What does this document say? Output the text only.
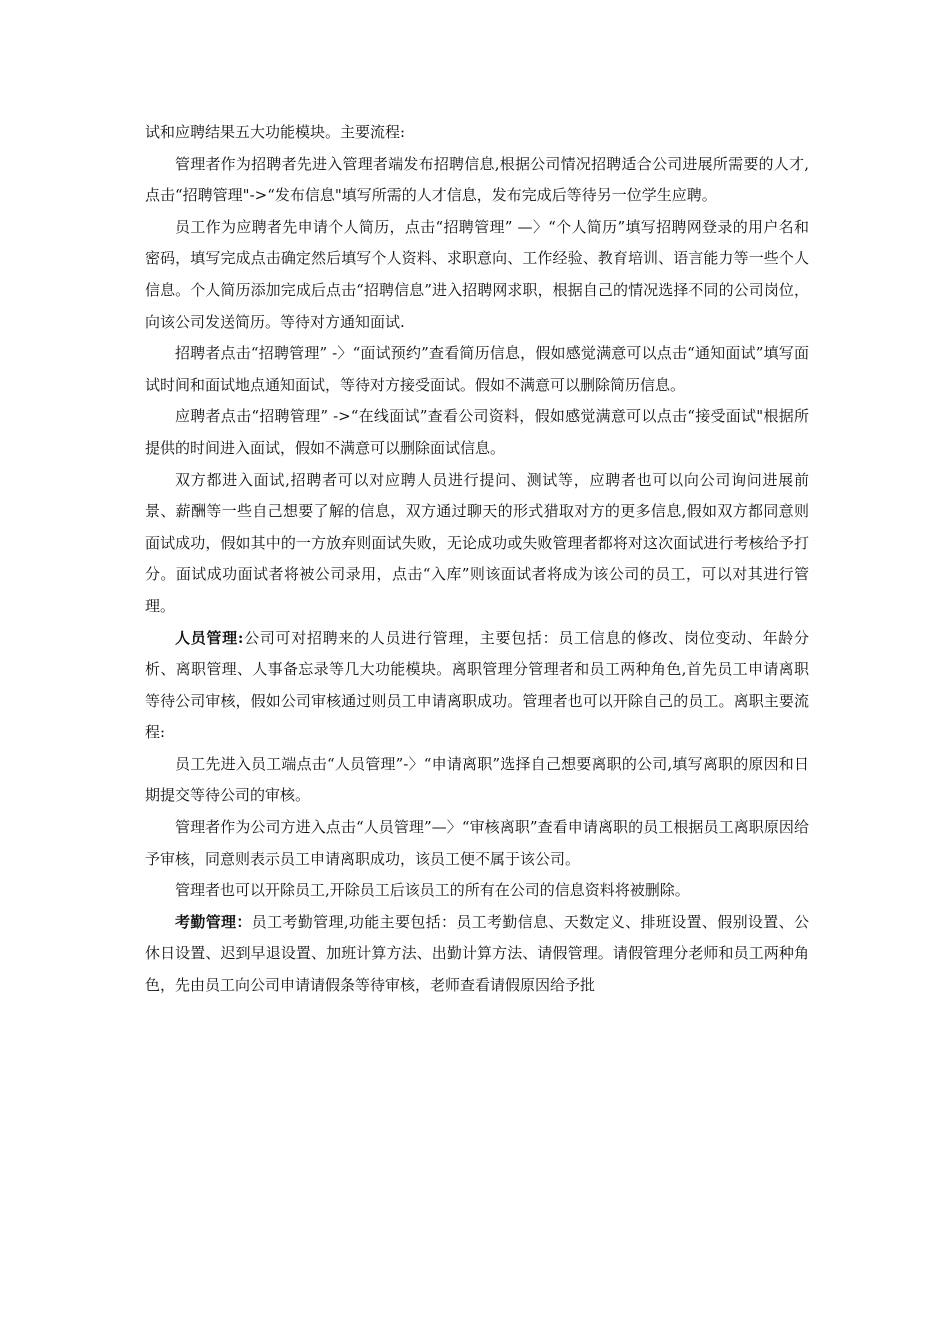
试和应聘结果五大功能模块。主要流程:

管理者作为招聘者先进入管理者端发布招聘信息,根据公司情况招聘适合公司进展所需要的人才,点击“招聘管理"->“发布信息"填写所需的人才信息，发布完成后等待另一位学生应聘。

员工作为应聘者先申请个人简历，点击“招聘管理” —〉“个人简历”填写招聘网登录的用户名和密码，填写完成点击确定然后填写个人资料、求职意向、工作经验、教育培训、语言能力等一些个人信息。个人简历添加完成后点击“招聘信息”进入招聘网求职，根据自己的情况选择不同的公司岗位，向该公司发送简历。等待对方通知面试.

招聘者点击“招聘管理” -〉“面试预约”查看简历信息，假如感觉满意可以点击“通知面试”填写面试时间和面试地点通知面试，等待对方接受面试。假如不满意可以删除简历信息。

应聘者点击“招聘管理” ->“在线面试”查看公司资料，假如感觉满意可以点击“接受面试"根据所提供的时间进入面试，假如不满意可以删除面试信息。

双方都进入面试,招聘者可以对应聘人员进行提问、测试等，应聘者也可以向公司询问进展前景、薪酬等一些自己想要了解的信息，双方通过聊天的形式猎取对方的更多信息,假如双方都同意则面试成功，假如其中的一方放弃则面试失败，无论成功或失败管理者都将对这次面试进行考核给予打分。面试成功面试者将被公司录用，点击“入库”则该面试者将成为该公司的员工，可以对其进行管理。

人员管理:公司可对招聘来的人员进行管理，主要包括：员工信息的修改、岗位变动、年龄分析、离职管理、人事备忘录等几大功能模块。离职管理分管理者和员工两种角色,首先员工申请离职等待公司审核，假如公司审核通过则员工申请离职成功。管理者也可以开除自己的员工。离职主要流程:

员工先进入员工端点击“人员管理”-〉“申请离职”选择自己想要离职的公司,填写离职的原因和日期提交等待公司的审核。

管理者作为公司方进入点击“人员管理”—〉“审核离职”查看申请离职的员工根据员工离职原因给予审核，同意则表示员工申请离职成功，该员工便不属于该公司。

管理者也可以开除员工,开除员工后该员工的所有在公司的信息资料将被删除。

考勤管理：员工考勤管理,功能主要包括：员工考勤信息、天数定义、排班设置、假别设置、公休日设置、迟到早退设置、加班计算方法、出勤计算方法、请假管理。请假管理分老师和员工两种角色，先由员工向公司申请请假条等待审核，老师查看请假原因给予批
